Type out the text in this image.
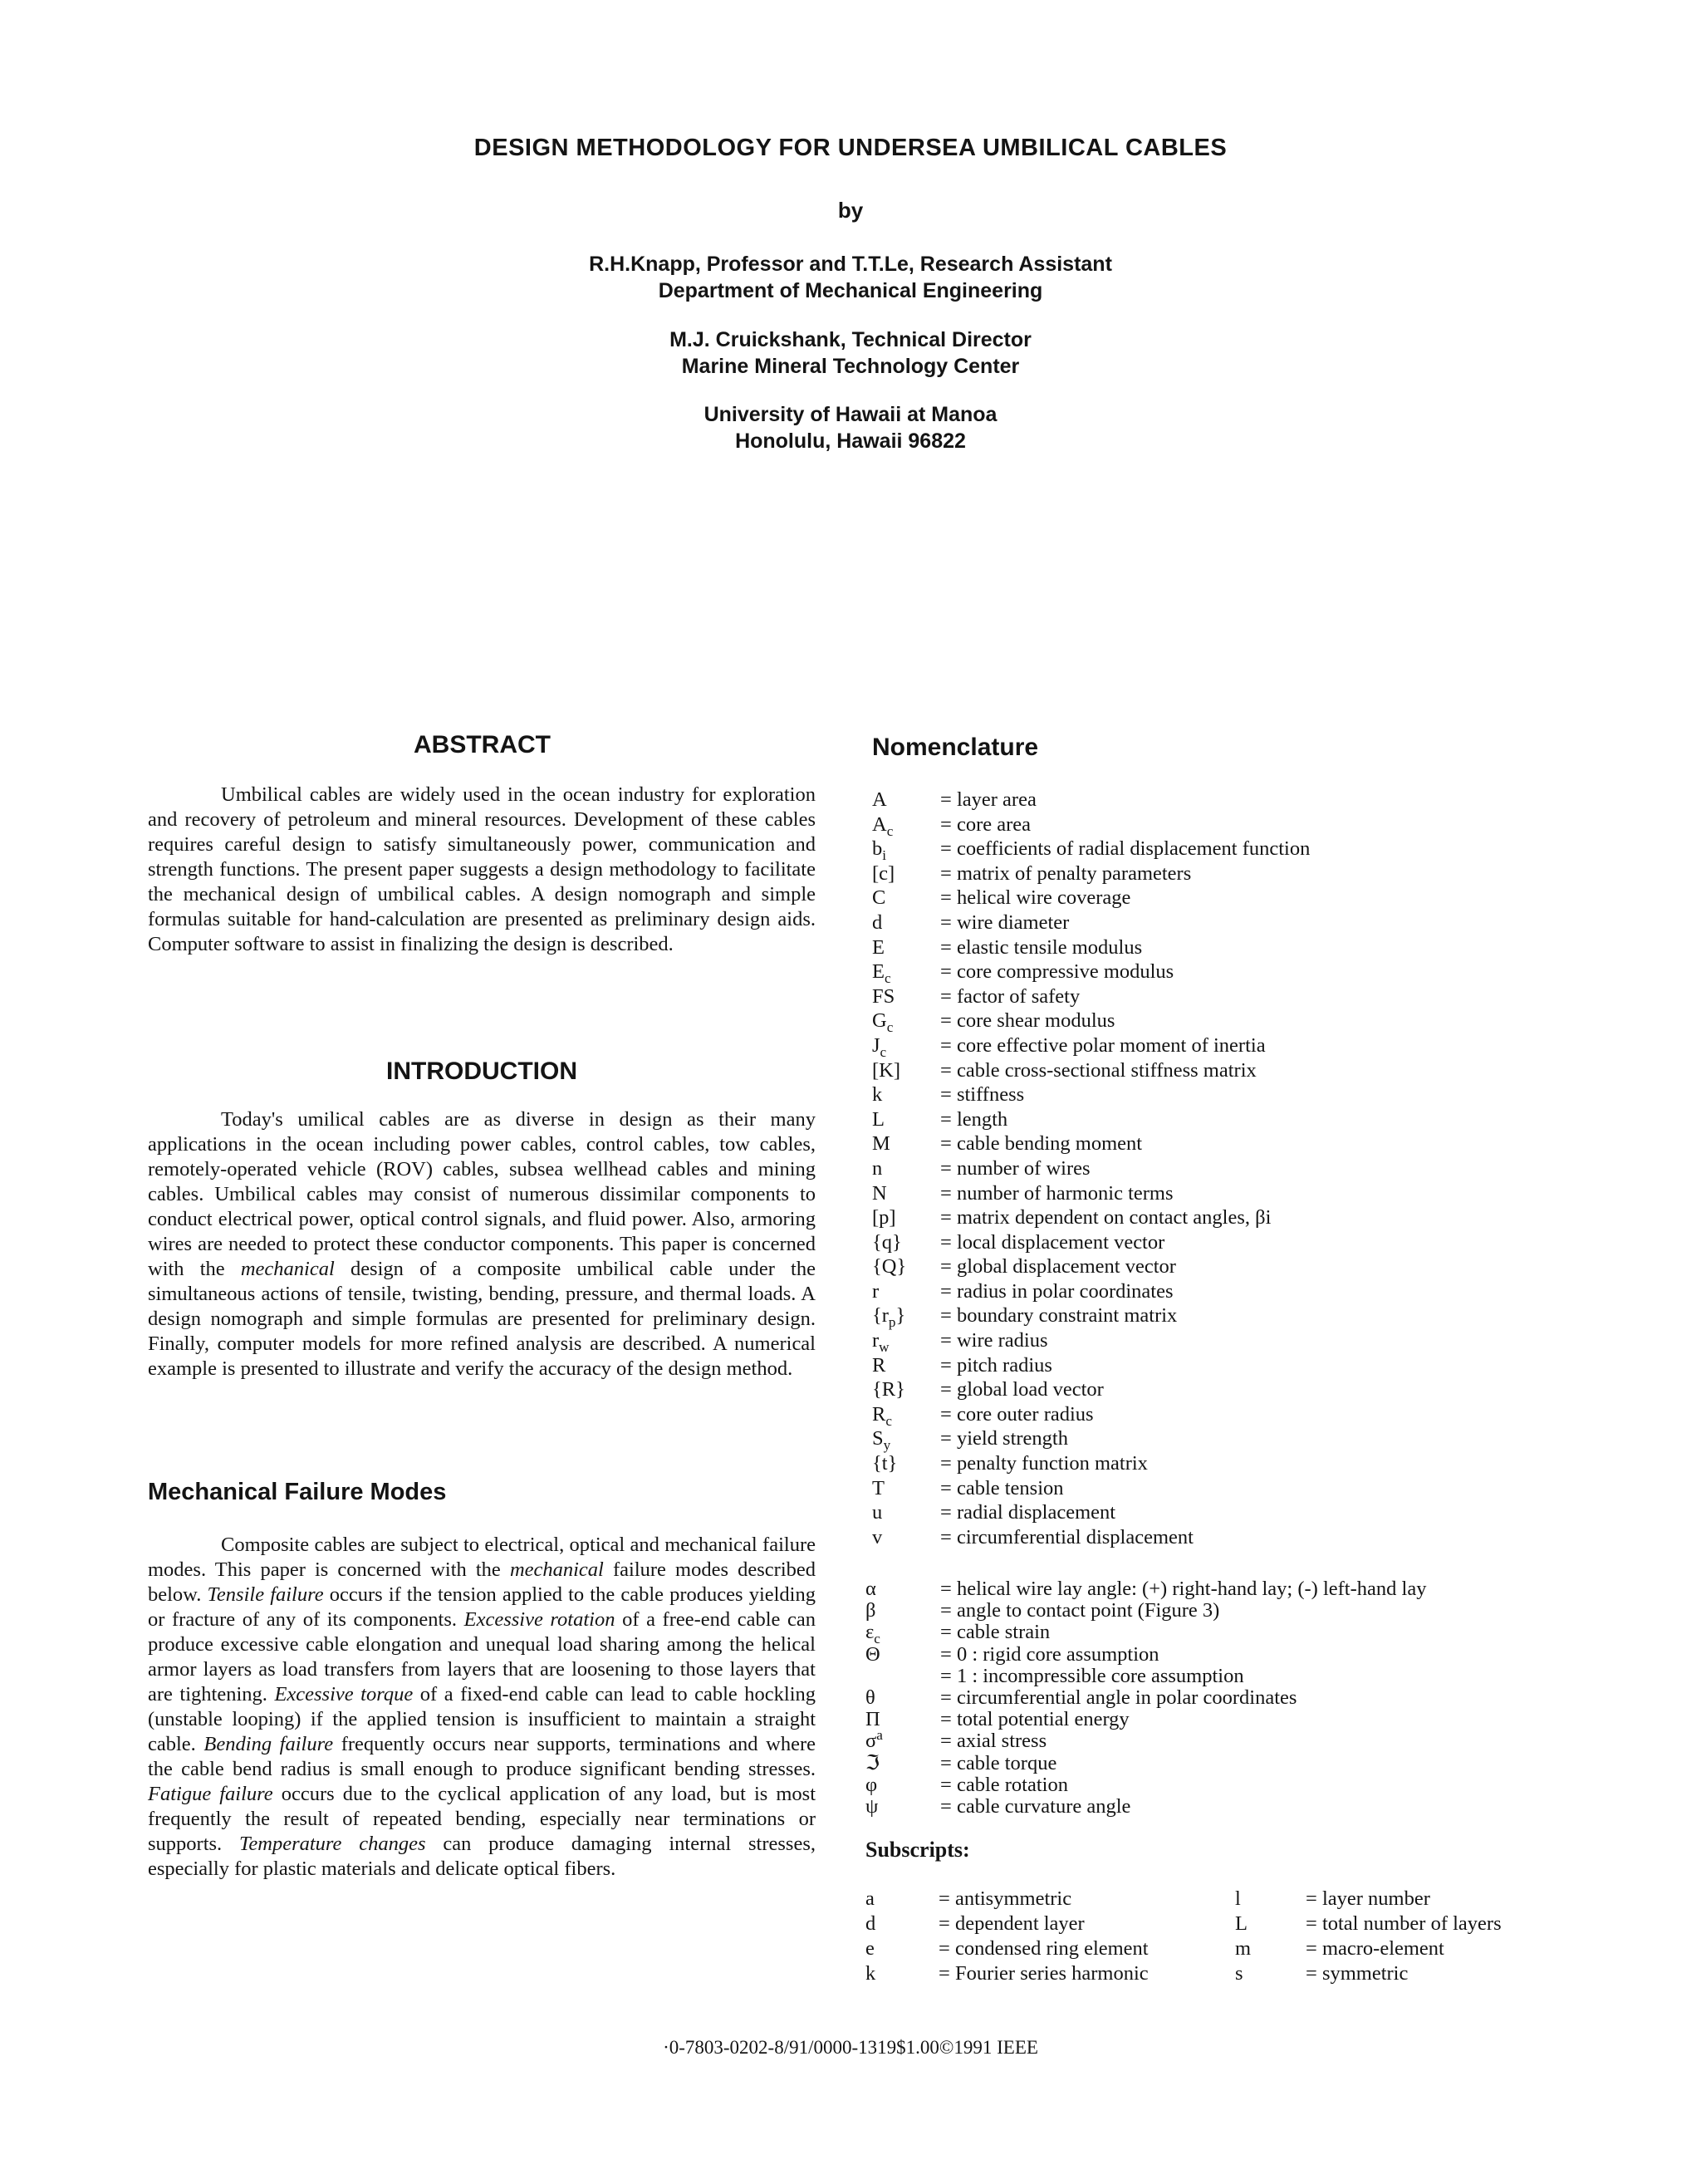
DESIGN METHODOLOGY FOR UNDERSEA UMBILICAL CABLES
by
R.H.Knapp, Professor and T.T.Le, Research Assistant
Department of Mechanical Engineering
M.J. Cruickshank, Technical Director
Marine Mineral Technology Center
University of Hawaii at Manoa
Honolulu, Hawaii 96822
ABSTRACT

Umbilical cables are widely used in the ocean industry for exploration and recovery of petroleum and mineral resources. Development of these cables requires careful design to satisfy simultaneously power, communication and strength functions. The present paper suggests a design methodology to facilitate the mechanical design of umbilical cables. A design nomograph and simple formulas suitable for hand-calculation are presented as preliminary design aids. Computer software to assist in finalizing the design is described.

INTRODUCTION

Today's umilical cables are as diverse in design as their many applications in the ocean including power cables, control cables, tow cables, remotely-operated vehicle (ROV) cables, subsea wellhead cables and mining cables. Umbilical cables may consist of numerous dissimilar components to conduct electrical power, optical control signals, and fluid power. Also, armoring wires are needed to protect these conductor components. This paper is concerned with the mechanical design of a composite umbilical cable under the simultaneous actions of tensile, twisting, bending, pressure, and thermal loads. A design nomograph and simple formulas are presented for preliminary design. Finally, computer models for more refined analysis are described. A numerical example is presented to illustrate and verify the accuracy of the design method.

Mechanical Failure Modes

Composite cables are subject to electrical, optical and mechanical failure modes. This paper is concerned with the mechanical failure modes described below. Tensile failure occurs if the tension applied to the cable produces yielding or fracture of any of its components. Excessive rotation of a free-end cable can produce excessive cable elongation and unequal load sharing among the helical armor layers as load transfers from layers that are loosening to those layers that are tightening. Excessive torque of a fixed-end cable can lead to cable hockling (unstable looping) if the applied tension is insufficient to maintain a straight cable. Bending failure frequently occurs near supports, terminations and where the cable bend radius is small enough to produce significant bending stresses. Fatigue failure occurs due to the cyclical application of any load, but is most frequently the result of repeated bending, especially near terminations or supports. Temperature changes can produce damaging internal stresses, especially for plastic materials and delicate optical fibers.

Nomenclature
A	= layer area
$A_c$	= core area
$b_i$	= coefficients of radial displacement function
[c]	= matrix of penalty parameters
C	= helical wire coverage
d	= wire diameter
E	= elastic tensile modulus
$E_c$	= core compressive modulus
FS	= factor of safety
$G_c$	= core shear modulus
$J_c$	= core effective polar moment of inertia
[K]	= cable cross-sectional stiffness matrix
k	= stiffness
L	= length
M	= cable bending moment
n	= number of wires
N	= number of harmonic terms
[p]	= matrix dependent on contact angles, βi
{q}	= local displacement vector
{Q}	= global displacement vector
r	= radius in polar coordinates
$\{r_p\}$	= boundary constraint matrix
$r_w$	= wire radius
R	= pitch radius
{R}	= global load vector
$R_c$	= core outer radius
$S_y$	= yield strength
{t}	= penalty function matrix
T	= cable tension
u	= radial displacement
v	= circumferential displacement
α	= helical wire lay angle: (+) right-hand lay; (-) left-hand lay
β	= angle to contact point (Figure 3)
$\varepsilon_c$	= cable strain
Θ	= 0 : rigid core assumption
= 1 : incompressible core assumption
θ	= circumferential angle in polar coordinates
Π	= total potential energy
$\sigma^a$	= axial stress
ℑ	= cable torque
φ	= cable rotation
ψ	= cable curvature angle
Subscripts:
a	= antisymmetric	l	= layer number
d	= dependent layer	L	= total number of layers
e	= condensed ring element	m	= macro-element
k	= Fourier series harmonic	s	= symmetric
·0-7803-0202-8/91/0000-1319$1.00©1991 IEEE
